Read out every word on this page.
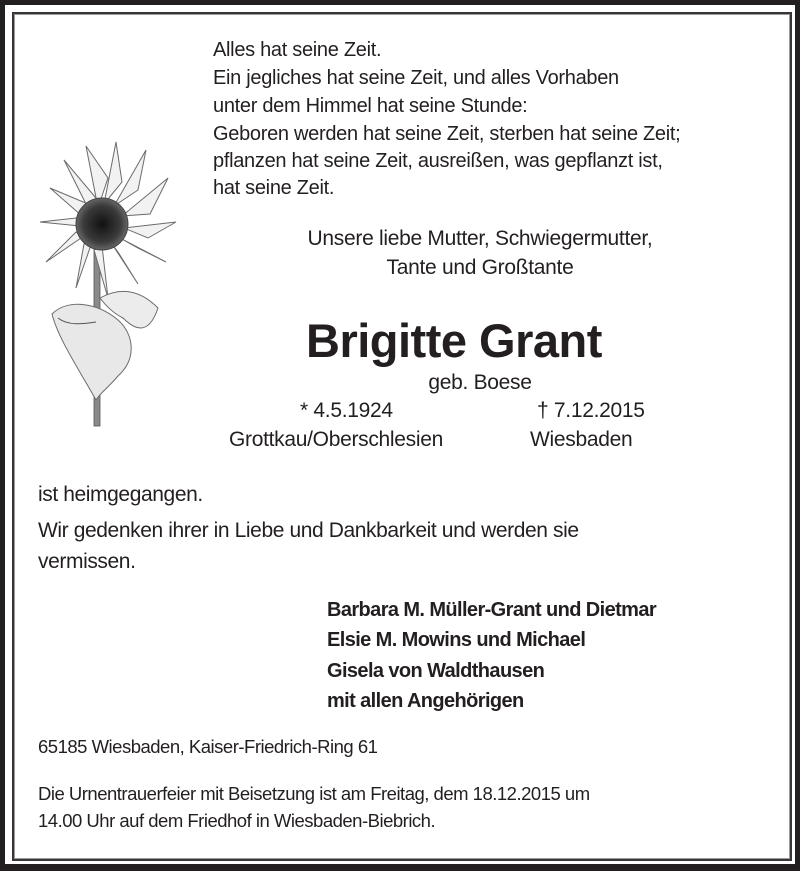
Alles hat seine Zeit.
Ein jegliches hat seine Zeit, und alles Vorhaben
unter dem Himmel hat seine Stunde:
Geboren werden hat seine Zeit, sterben hat seine Zeit;
pflanzen hat seine Zeit, ausreißen, was gepflanzt ist,
hat seine Zeit.
Unsere liebe Mutter, Schwiegermutter,
Tante und Großtante
Brigitte Grant
geb. Boese
* 4.5.1924	† 7.12.2015
Grottkau/Oberschlesien	Wiesbaden
ist heimgegangen.
Wir gedenken ihrer in Liebe und Dankbarkeit und werden sie
vermissen.
Barbara M. Müller-Grant und Dietmar
Elsie M. Mowins und Michael
Gisela von Waldthausen
mit allen Angehörigen
65185 Wiesbaden, Kaiser-Friedrich-Ring 61
Die Urnentrauerfeier mit Beisetzung ist am Freitag, dem 18.12.2015 um
14.00 Uhr auf dem Friedhof in Wiesbaden-Biebrich.
